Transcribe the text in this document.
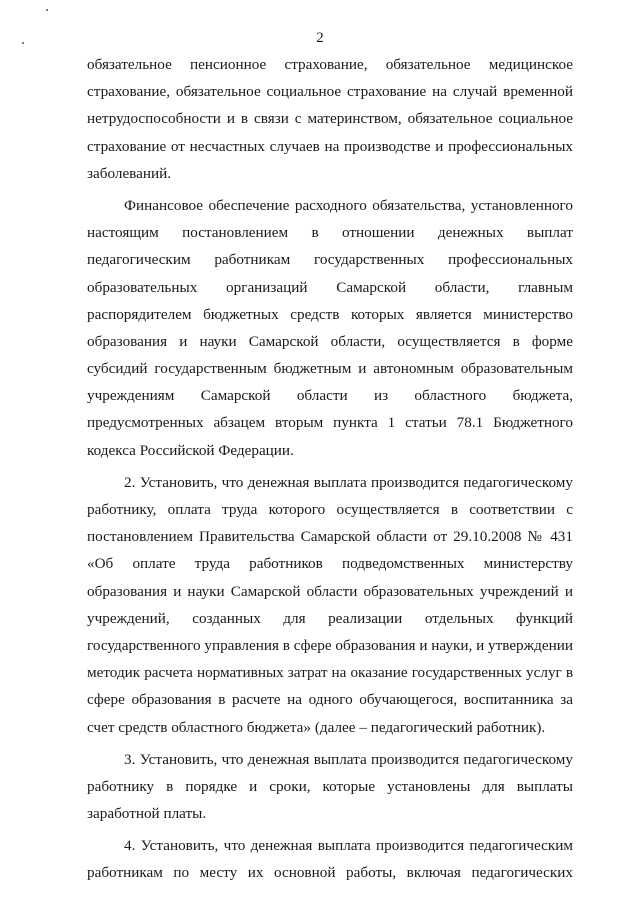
2

обязательное пенсионное страхование, обязательное медицинское
страхование, обязательное социальное страхование на случай временной
нетрудоспособности и в связи с материнством, обязательное социальное
страхование от несчастных случаев на производстве и профессиональных
заболеваний.

Финансовое обеспечение расходного обязательства, установленного
настоящим постановлением в отношении денежных выплат
педагогическим работникам государственных профессиональных
образовательных организаций Самарской области, главным
распорядителем бюджетных средств которых является министерство
образования и науки Самарской области, осуществляется в форме
субсидий государственным бюджетным и автономным образовательным
учреждениям Самарской области из областного бюджета,
предусмотренных абзацем вторым пункта 1 статьи 78.1 Бюджетного
кодекса Российской Федерации.

2. Установить, что денежная выплата производится педагогическому
работнику, оплата труда которого осуществляется в соответствии с
постановлением Правительства Самарской области от 29.10.2008 № 431
«Об оплате труда работников подведомственных министерству
образования и науки Самарской области образовательных учреждений и
учреждений, созданных для реализации отдельных функций
государственного управления в сфере образования и науки, и утверждении
методик расчета нормативных затрат на оказание государственных услуг в
сфере образования в расчете на одного обучающегося, воспитанника за
счет средств областного бюджета» (далее – педагогический работник).

3. Установить, что денежная выплата производится педагогическому
работнику в порядке и сроки, которые установлены для выплаты
заработной платы.

4. Установить, что денежная выплата производится педагогическим
работникам по месту их основной работы, включая педагогических
